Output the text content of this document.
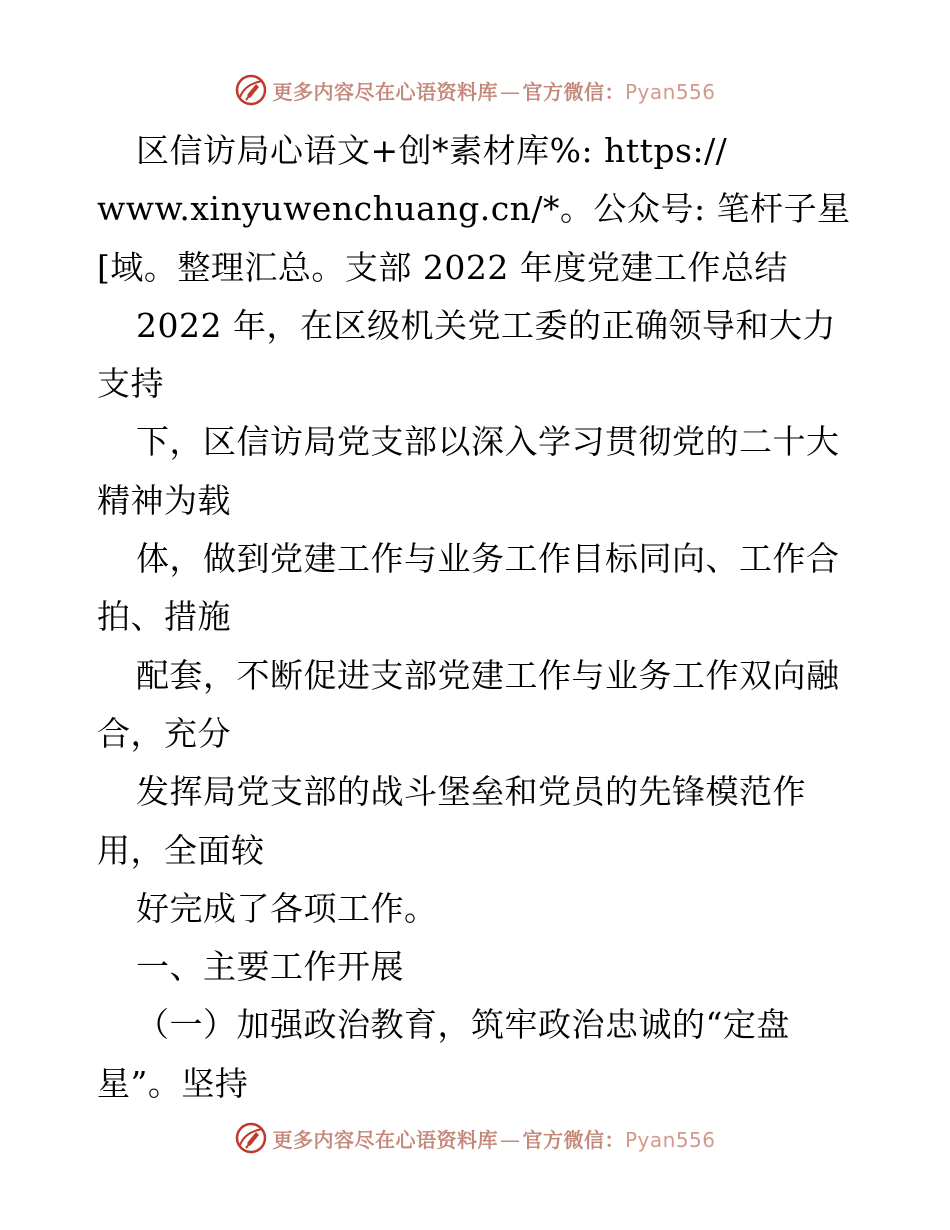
更多内容尽在心语资料库 — 官方微信：Pyan556
区信访局心语文+创*素材库%: https://
www.xinyuwenchuang.cn/*。公众号: 笔杆子星
[域。整理汇总。支部 2022 年度党建工作总结
2022 年，在区级机关党工委的正确领导和大力
支持
下，区信访局党支部以深入学习贯彻党的二十大
精神为载
体，做到党建工作与业务工作目标同向、工作合
拍、措施
配套，不断促进支部党建工作与业务工作双向融
合，充分
发挥局党支部的战斗堡垒和党员的先锋模范作
用，全面较
好完成了各项工作。
一、主要工作开展
（一）加强政治教育，筑牢政治忠诚的“定盘
星”。坚持
更多内容尽在心语资料库 — 官方微信：Pyan556
